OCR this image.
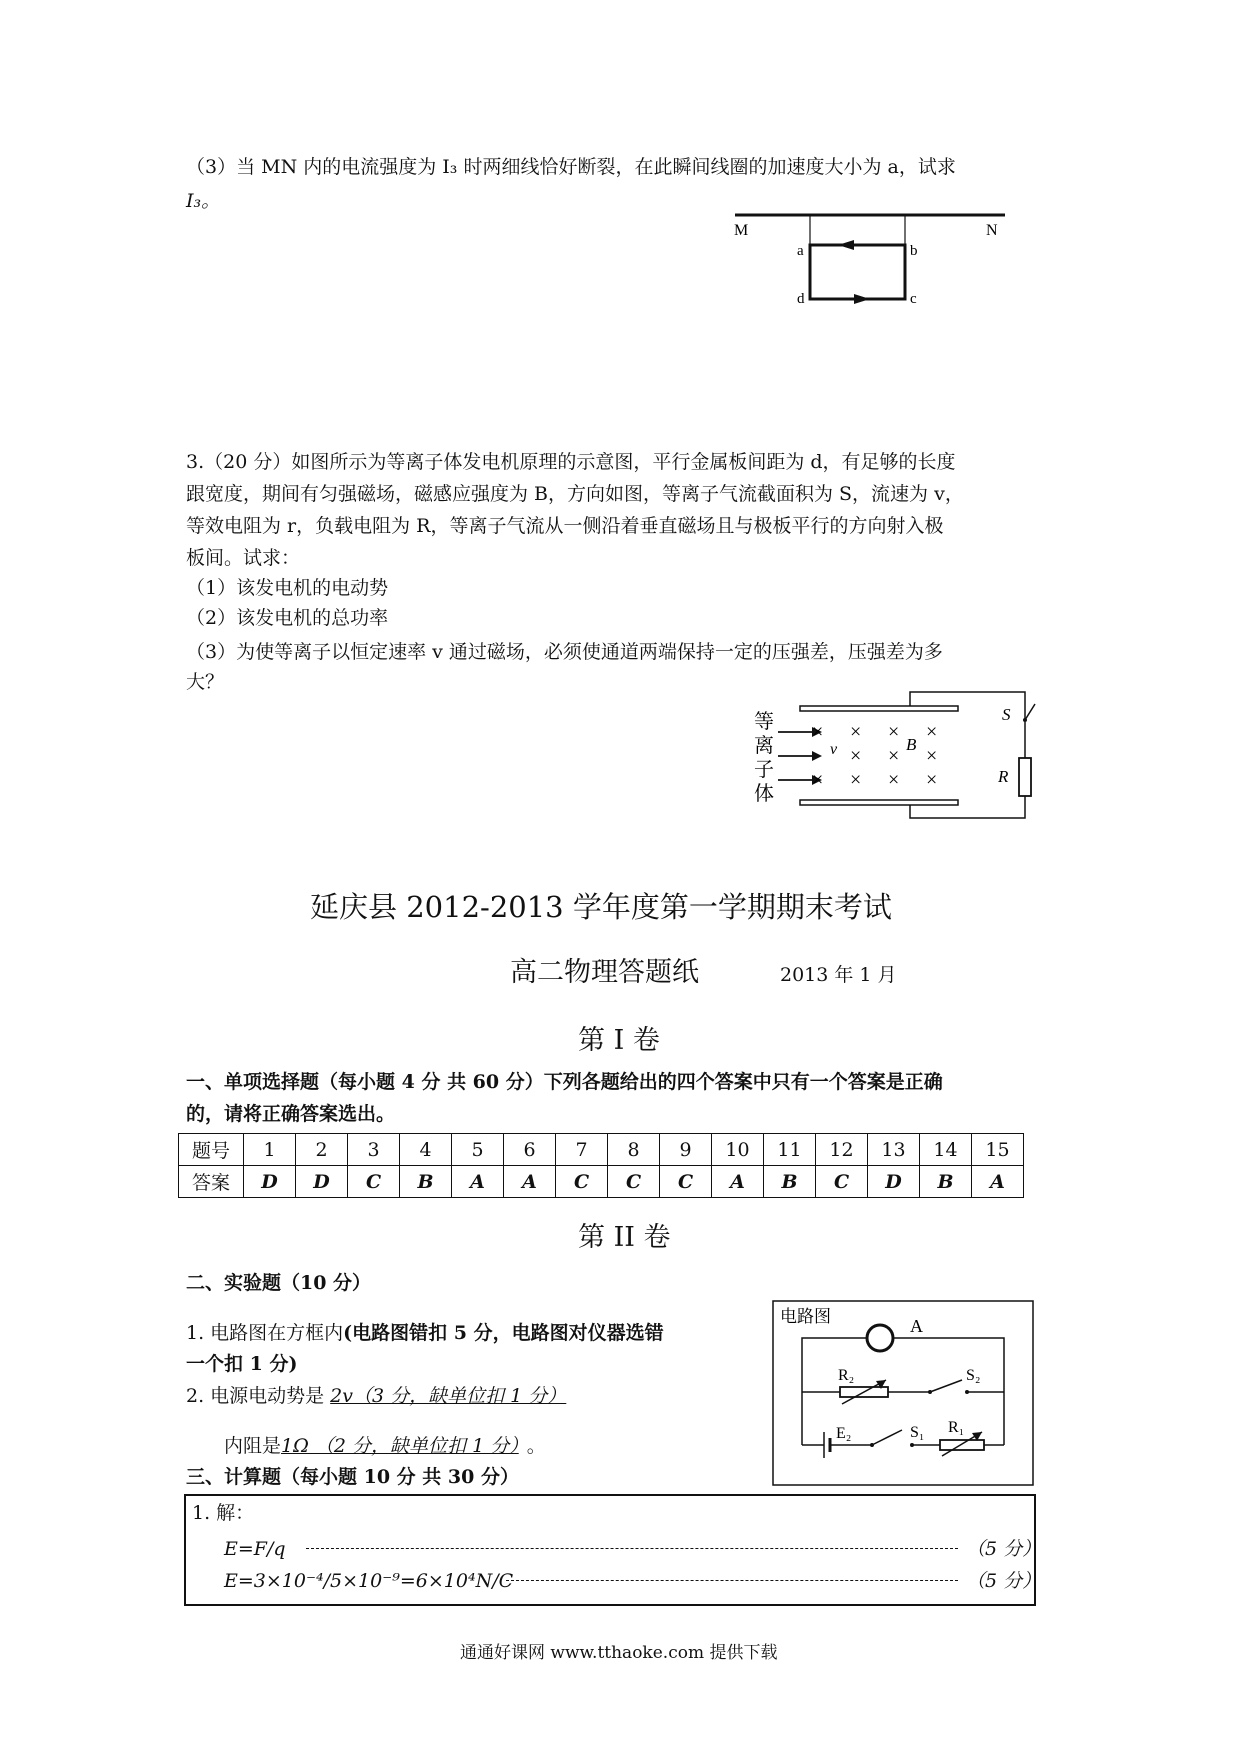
（3）当 MN 内的电流强度为 I₃ 时两细线恰好断裂，在此瞬间线圈的加速度大小为 a，试求
I₃。
M	N
a	b
c
d
3.（20 分）如图所示为等离子体发电机原理的示意图，平行金属板间距为 d，有足够的长度
跟宽度，期间有匀强磁场，磁感应强度为 B，方向如图，等离子气流截面积为 S，流速为 v，
等效电阻为 r，负载电阻为 R，等离子气流从一侧沿着垂直磁场且与极板平行的方向射入极
板间。试求：
（1）该发电机的电动势
（2）该发电机的总功率
（3）为使等离子以恒定速率 v 通过磁场，必须使通道两端保持一定的压强差，压强差为多
大？
等
离
子
体
× × × ×
× × ×
× × × ×
v	B
S
R
延庆县 2012-2013 学年度第一学期期末考试
高二物理答题纸	2013 年 1 月
第 I 卷
一、单项选择题（每小题 4 分 共 60 分）下列各题给出的四个答案中只有一个答案是正确
的，请将正确答案选出。
题号	1	2	3	4	5	6	7	8	9	10	11	12	13	14	15
答案	D	D	C	B	A	A	C	C	C	A	B	C	D	B	A
第 II 卷
二、实验题（10 分）
1. 电路图在方框内(电路图错扣 5 分，电路图对仪器选错
一个扣 1 分)
2. 电源电动势是 2v（3 分，缺单位扣 1 分）
内阻是1Ω （2 分，缺单位扣 1 分） 。
电路图	A
R₂	S₂
E₂	S₁ R₁
三、计算题（每小题 10 分 共 30 分）
1. 解：
E=F/q	（5 分）
E=3×10⁻⁴/5×10⁻⁹=6×10⁴N/C	（5 分）
通通好课网 www.tthaoke.com 提供下载
